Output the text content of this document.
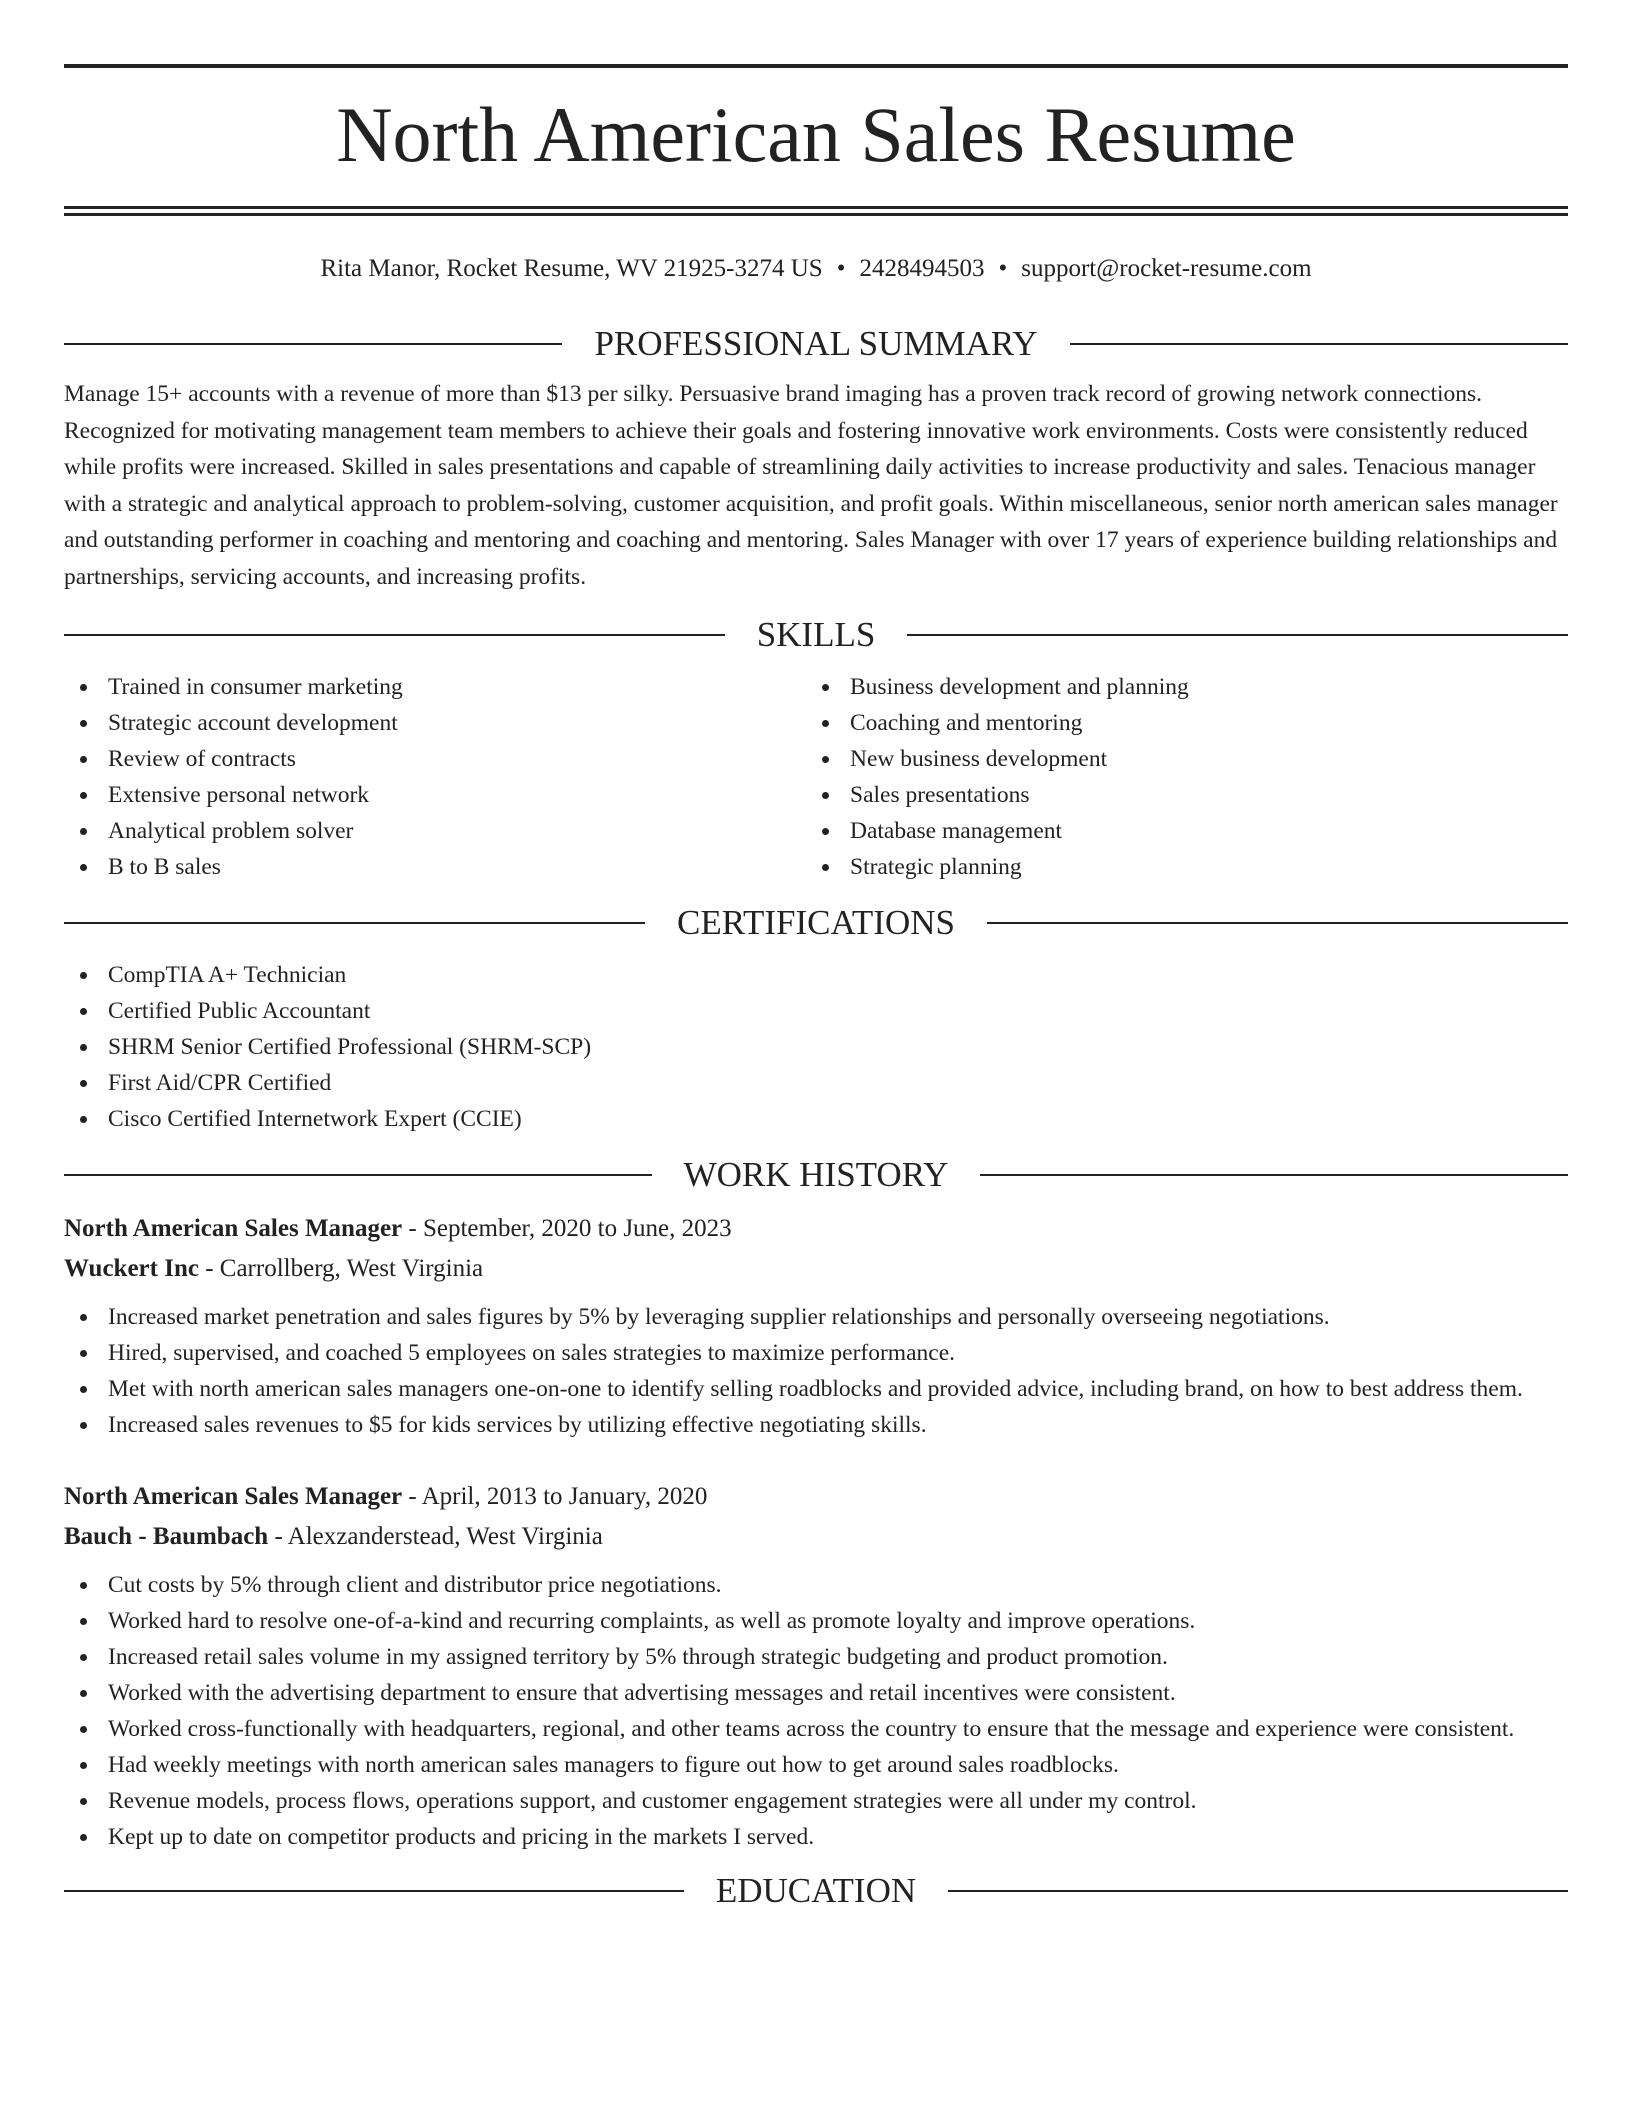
North American Sales Resume
Rita Manor, Rocket Resume, WV 21925-3274 US • 2428494503 • support@rocket-resume.com
PROFESSIONAL SUMMARY

Manage 15+ accounts with a revenue of more than $13 per silky. Persuasive brand imaging has a proven track record of growing network connections. Recognized for motivating management team members to achieve their goals and fostering innovative work environments. Costs were consistently reduced while profits were increased. Skilled in sales presentations and capable of streamlining daily activities to increase productivity and sales. Tenacious manager with a strategic and analytical approach to problem-solving, customer acquisition, and profit goals. Within miscellaneous, senior north american sales manager and outstanding performer in coaching and mentoring and coaching and mentoring. Sales Manager with over 17 years of experience building relationships and partnerships, servicing accounts, and increasing profits.

SKILLS
Trained in consumer marketing
Strategic account development
Review of contracts
Extensive personal network
Analytical problem solver
B to B sales
Business development and planning
Coaching and mentoring
New business development
Sales presentations
Database management
Strategic planning
CERTIFICATIONS
CompTIA A+ Technician
Certified Public Accountant
SHRM Senior Certified Professional (SHRM-SCP)
First Aid/CPR Certified
Cisco Certified Internetwork Expert (CCIE)
WORK HISTORY
North American Sales Manager - September, 2020 to June, 2023
Wuckert Inc - Carrollberg, West Virginia
Increased market penetration and sales figures by 5% by leveraging supplier relationships and personally overseeing negotiations.
Hired, supervised, and coached 5 employees on sales strategies to maximize performance.
Met with north american sales managers one-on-one to identify selling roadblocks and provided advice, including brand, on how to best address them.
Increased sales revenues to $5 for kids services by utilizing effective negotiating skills.
North American Sales Manager - April, 2013 to January, 2020
Bauch - Baumbach - Alexzanderstead, West Virginia
Cut costs by 5% through client and distributor price negotiations.
Worked hard to resolve one-of-a-kind and recurring complaints, as well as promote loyalty and improve operations.
Increased retail sales volume in my assigned territory by 5% through strategic budgeting and product promotion.
Worked with the advertising department to ensure that advertising messages and retail incentives were consistent.
Worked cross-functionally with headquarters, regional, and other teams across the country to ensure that the message and experience were consistent.
Had weekly meetings with north american sales managers to figure out how to get around sales roadblocks.
Revenue models, process flows, operations support, and customer engagement strategies were all under my control.
Kept up to date on competitor products and pricing in the markets I served.
EDUCATION
